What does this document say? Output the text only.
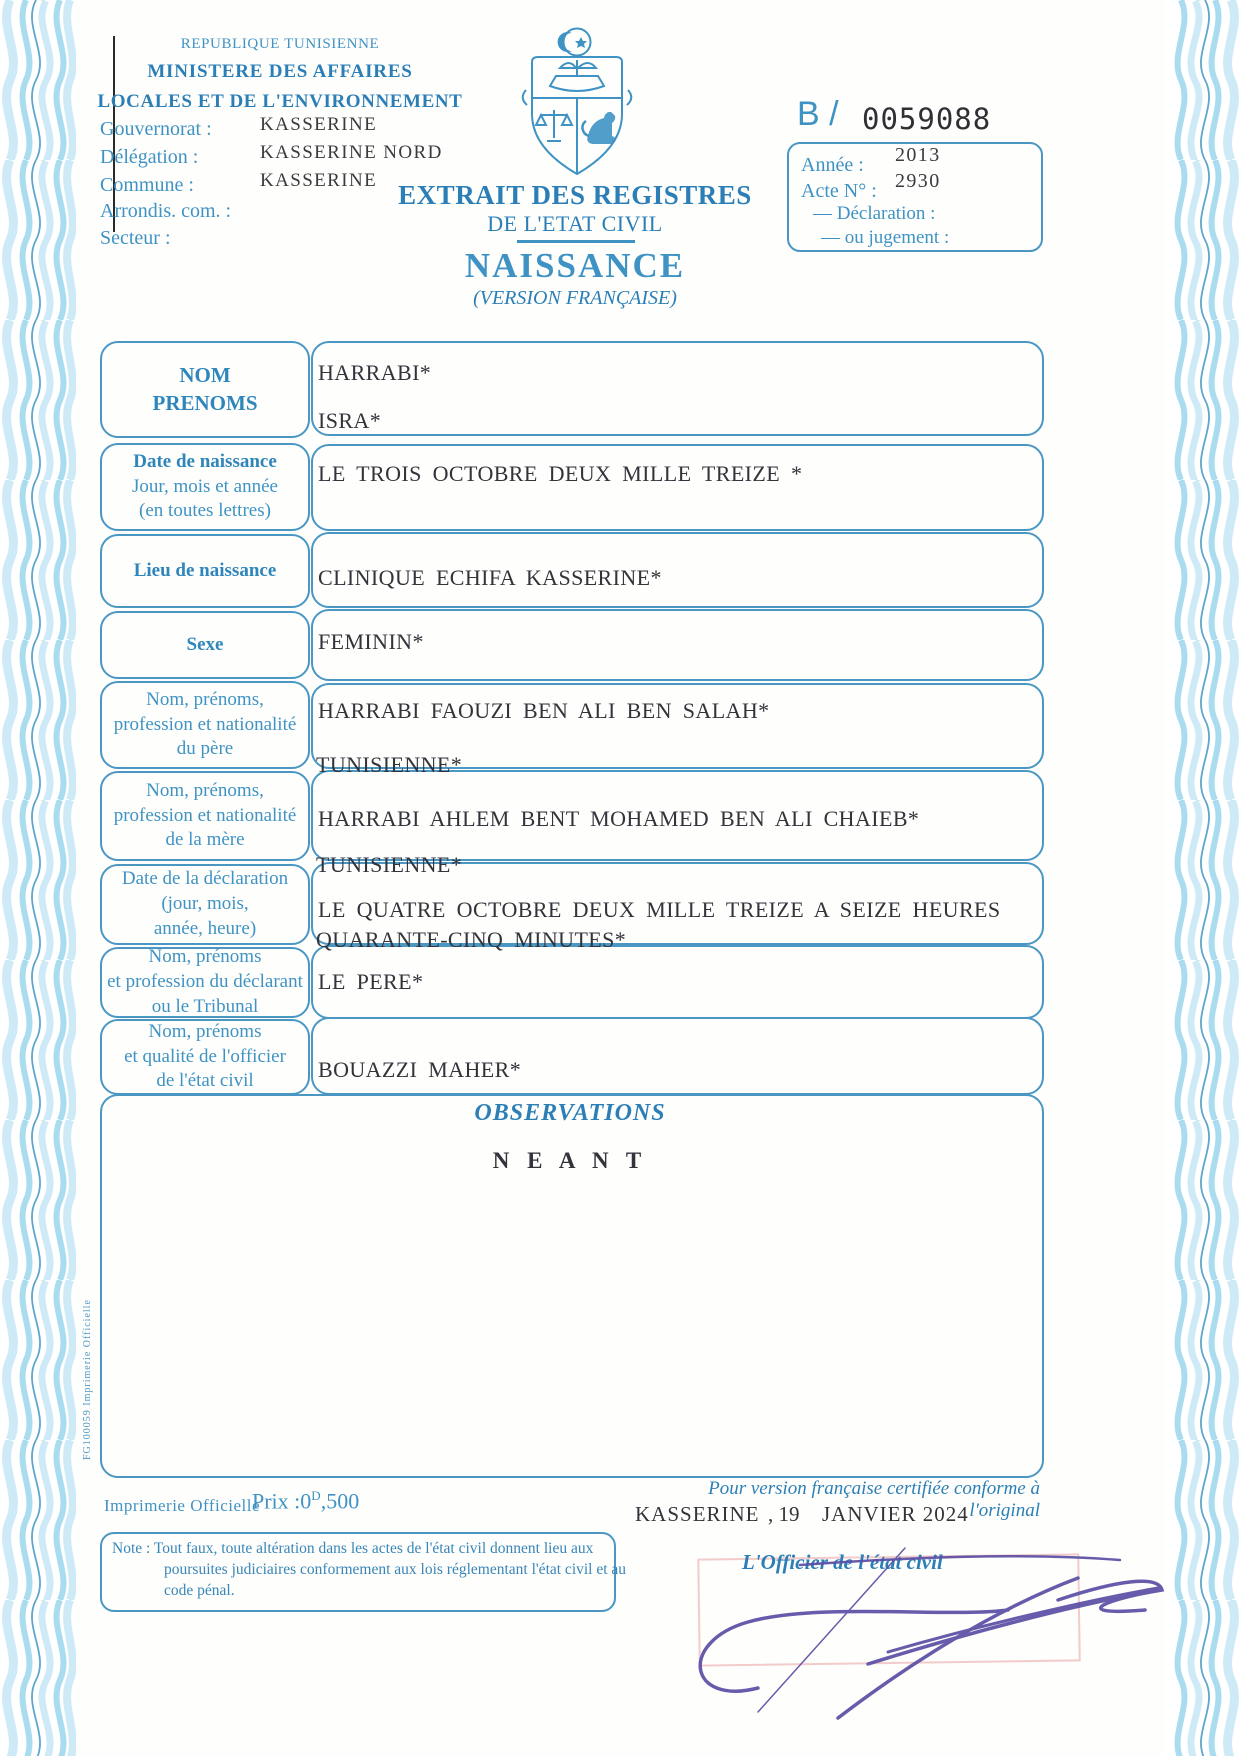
REPUBLIQUE TUNISIENNE
MINISTERE DES AFFAIRES
LOCALES ET DE L'ENVIRONNEMENT
Gouvernorat :
Délégation :
Commune :
Arrondis. com. :
Secteur :
KASSERINE
KASSERINE NORD
KASSERINE
B / 0059088
Année : 2013
Acte N° : 2930
— Déclaration :
— ou jugement :
EXTRAIT DES REGISTRES
DE L'ETAT CIVIL
NAISSANCE
(VERSION FRANÇAISE)
NOM
PRENOMS
Date de naissance
Jour, mois et année
(en toutes lettres)
Lieu de naissance
Sexe
Nom, prénoms,
profession et nationalité
du père
Nom, prénoms,
profession et nationalité
de la mère
Date de la déclaration
(jour, mois,
année, heure)
Nom, prénoms
et profession du déclarant
ou le Tribunal
Nom, prénoms
et qualité de l'officier
de l'état civil
HARRABI*
ISRA*
LE TROIS OCTOBRE DEUX MILLE TREIZE *
CLINIQUE ECHIFA KASSERINE*
FEMININ*
HARRABI FAOUZI BEN ALI BEN SALAH*
TUNISIENNE*
HARRABI AHLEM BENT MOHAMED BEN ALI CHAIEB*
TUNISIENNE*
LE QUATRE OCTOBRE DEUX MILLE TREIZE A SEIZE HEURES
QUARANTE-CINQ MINUTES*
LE PERE*
BOUAZZI MAHER*
OBSERVATIONS
N E A N T
FG100059 Imprimerie Officielle
Imprimerie Officielle
Prix $:0^D,500$	Pour version française certifiée conforme à l'original
KASSERINE , 19 JANVIER 2024
Note : Tout faux, toute altération dans les actes de l'état civil donnent lieu aux
poursuites judiciaires conformement aux lois réglementant l'état civil et au
code pénal.
L'Officier de l'état civil
